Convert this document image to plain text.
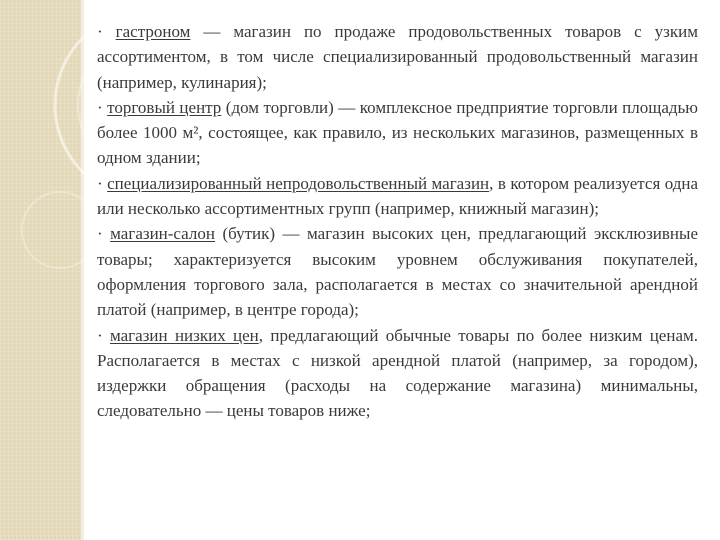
· гастроном — магазин по продаже продовольственных товаров с узким ассортиментом, в том числе специализированный продовольственный магазин (например, кулинария);

· торговый центр (дом торговли) — комплексное предприятие торговли площадью более 1000 м², состоящее, как правило, из нескольких магазинов, размещенных в одном здании;

· специализированный непродовольственный магазин, в котором реализуется одна или несколько ассортиментных групп (например, книжный магазин);

· магазин-салон (бутик) — магазин высоких цен, предлагающий эксклюзивные товары; характеризуется высоким уровнем обслуживания покупателей, оформления торгового зала, располагается в местах со значительной арендной платой (например, в центре города);

· магазин низких цен, предлагающий обычные товары по более низким ценам. Располагается в местах с низкой арендной платой (например, за городом), издержки обращения (расходы на содержание магазина) минимальны, следовательно — цены товаров ниже;
